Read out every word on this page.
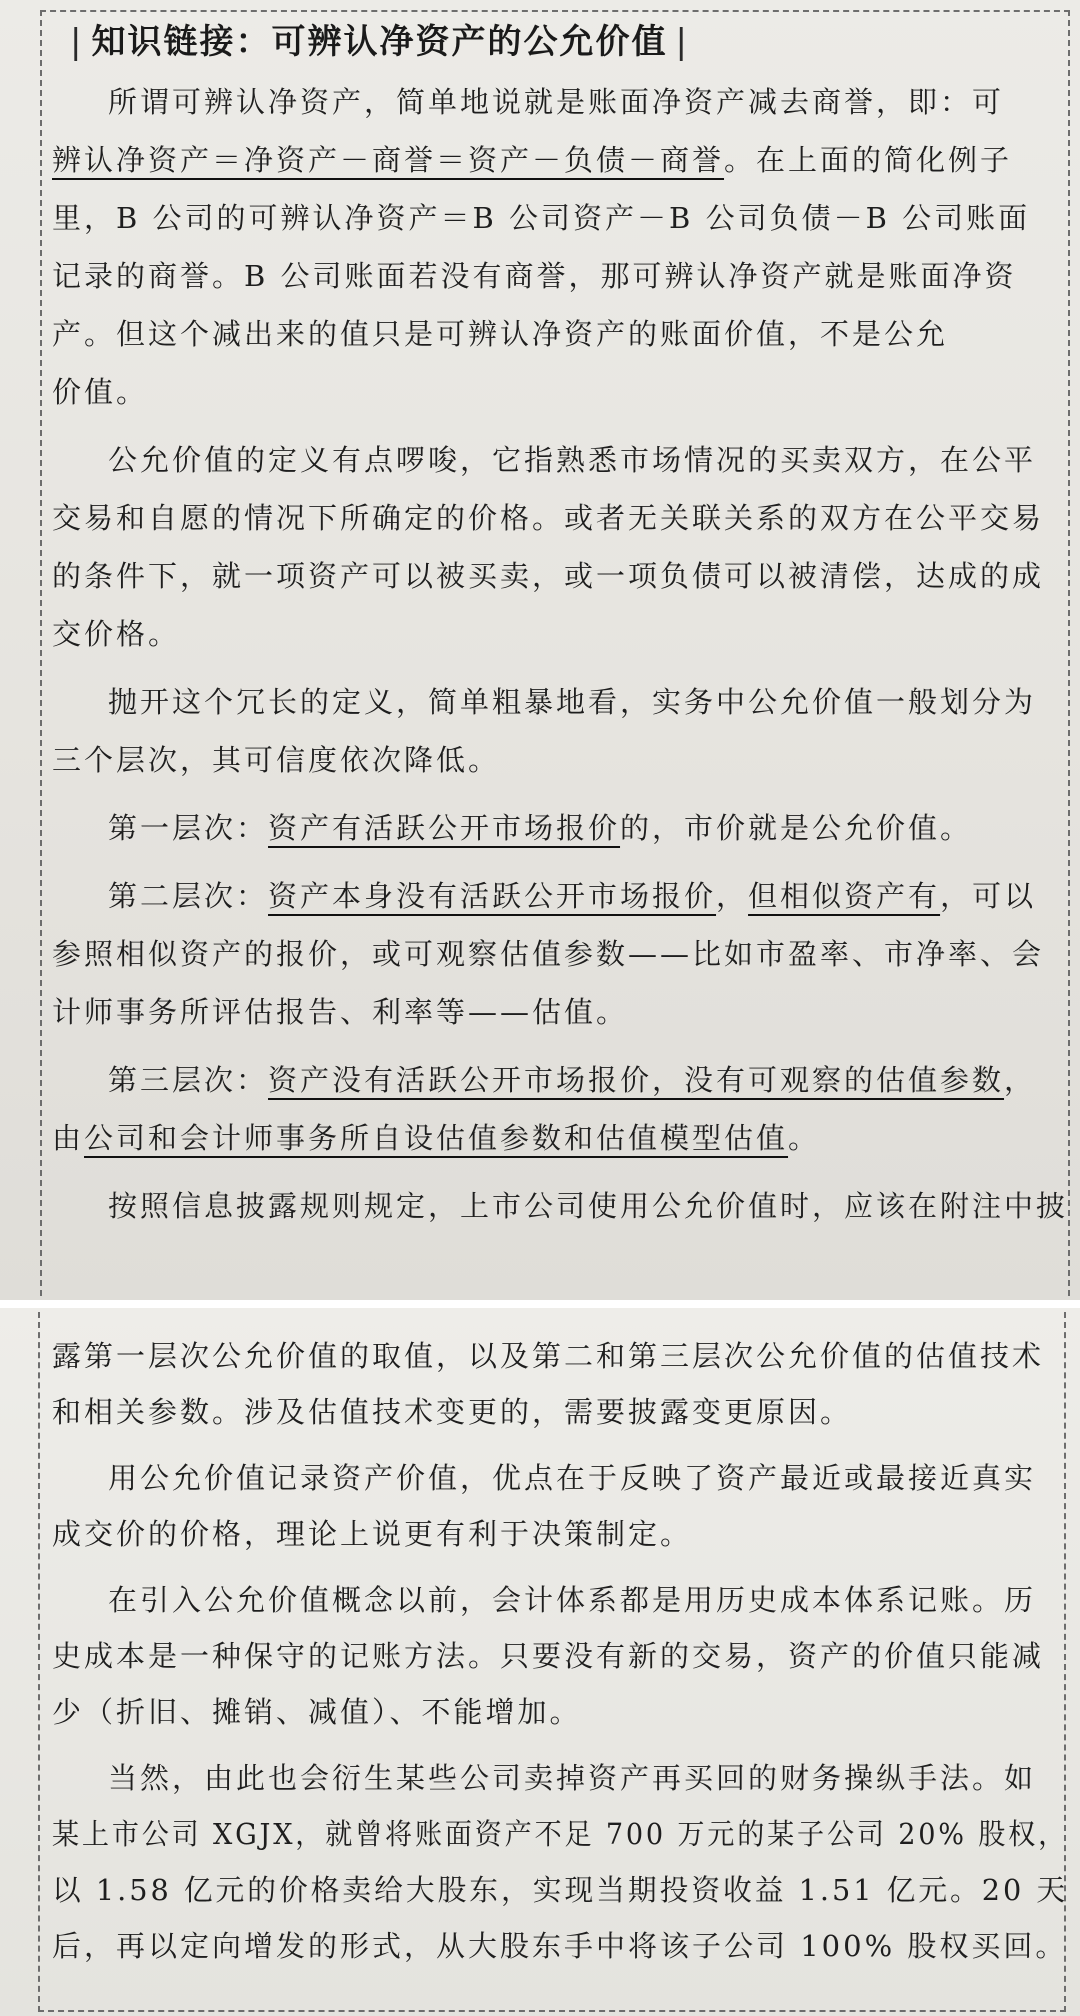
| 知识链接：可辨认净资产的公允价值 |
所谓可辨认净资产，简单地说就是账面净资产减去商誉，即：可
辨认净资产＝净资产－商誉＝资产－负债－商誉。在上面的简化例子
里，B 公司的可辨认净资产＝B 公司资产－B 公司负债－B 公司账面
记录的商誉。B 公司账面若没有商誉，那可辨认净资产就是账面净资
产。但这个减出来的值只是可辨认净资产的账面价值，不是公允
价值。
公允价值的定义有点啰唆，它指熟悉市场情况的买卖双方，在公平
交易和自愿的情况下所确定的价格。或者无关联关系的双方在公平交易
的条件下，就一项资产可以被买卖，或一项负债可以被清偿，达成的成
交价格。
抛开这个冗长的定义，简单粗暴地看，实务中公允价值一般划分为
三个层次，其可信度依次降低。
第一层次：资产有活跃公开市场报价的，市价就是公允价值。
第二层次：资产本身没有活跃公开市场报价，但相似资产有，可以
参照相似资产的报价，或可观察估值参数——比如市盈率、市净率、会
计师事务所评估报告、利率等——估值。
第三层次：资产没有活跃公开市场报价，没有可观察的估值参数，
由公司和会计师事务所自设估值参数和估值模型估值。
按照信息披露规则规定，上市公司使用公允价值时，应该在附注中披
露第一层次公允价值的取值，以及第二和第三层次公允价值的估值技术
和相关参数。涉及估值技术变更的，需要披露变更原因。
用公允价值记录资产价值，优点在于反映了资产最近或最接近真实
成交价的价格，理论上说更有利于决策制定。
在引入公允价值概念以前，会计体系都是用历史成本体系记账。历
史成本是一种保守的记账方法。只要没有新的交易，资产的价值只能减
少（折旧、摊销、减值）、不能增加。
当然，由此也会衍生某些公司卖掉资产再买回的财务操纵手法。如
某上市公司 XGJX，就曾将账面资产不足 700 万元的某子公司 20% 股权，
以 1.58 亿元的价格卖给大股东，实现当期投资收益 1.51 亿元。20 天
后，再以定向增发的形式，从大股东手中将该子公司 100% 股权买回。
